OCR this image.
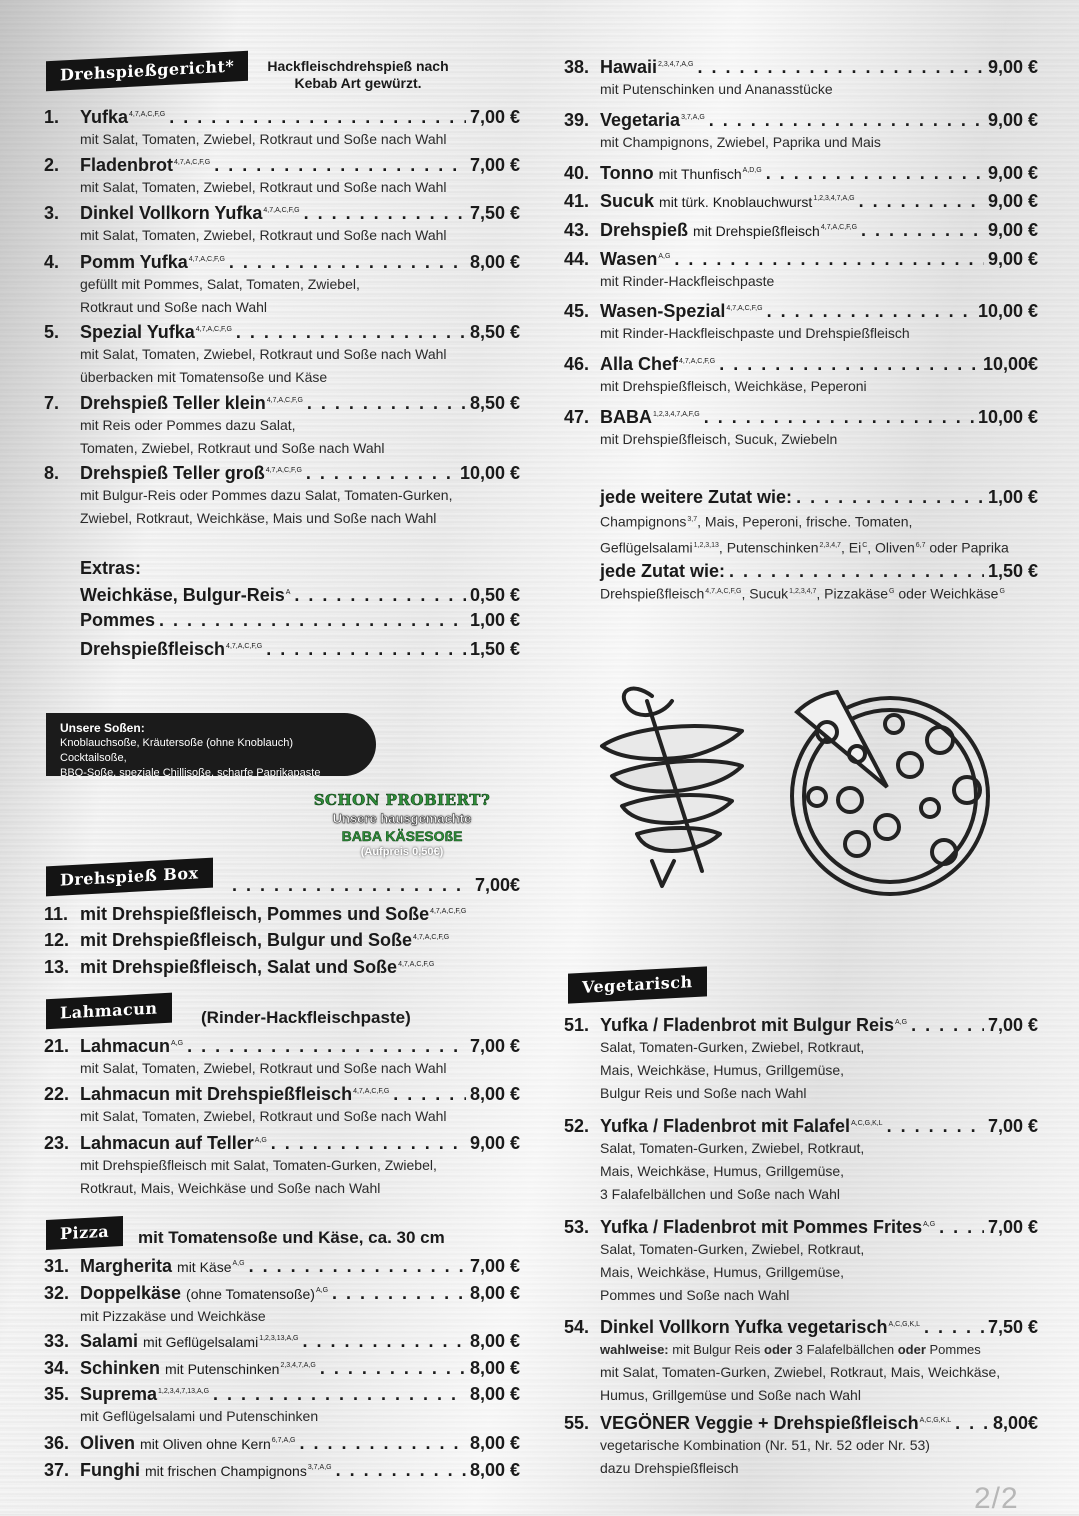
Drehspießgericht*	Hackfleischdrehspieß nach Kebab Art gewürzt.
1.	Yufka$^{4,7,A,C,F,G}$ . . .	7,00 €
mit Salat, Tomaten, Zwiebel, Rotkraut und Soße nach Wahl
2.	Fladenbrot$^{4,7,A,C,F,G}$ . . .	7,00 €
mit Salat, Tomaten, Zwiebel, Rotkraut und Soße nach Wahl
3.	Dinkel Vollkorn Yufka$^{4,7,A,C,F,G}$ . . .	7,50 €
mit Salat, Tomaten, Zwiebel, Rotkraut und Soße nach Wahl
4.	Pomm Yufka$^{4,7,A,C,F,G}$ . . .	8,00 €
gefüllt mit Pommes, Salat, Tomaten, Zwiebel,
Rotkraut und Soße nach Wahl
5.	Spezial Yufka$^{4,7,A,C,F,G}$ . . .	8,50 €
mit Salat, Tomaten, Zwiebel, Rotkraut und Soße nach Wahl
überbacken mit Tomatensoße und Käse
7.	Drehspieß Teller klein$^{4,7,A,C,F,G}$ . . .	8,50 €
mit Reis oder Pommes dazu Salat,
Tomaten, Zwiebel, Rotkraut und Soße nach Wahl
8.	Drehspieß Teller groß$^{4,7,A,C,F,G}$ . . .	10,00 €
mit Bulgur-Reis oder Pommes dazu Salat, Tomaten-Gurken,
Zwiebel, Rotkraut, Weichkäse, Mais und Soße nach Wahl
Extras:
Weichkäse, Bulgur-Reis$^A$ . . .	0,50 €
Pommes . . .	1,00 €
Drehspießfleisch$^{4,7,A,C,F,G}$ . . .	1,50 €
Unsere Soßen:
Knoblauchsoße, Kräutersoße (ohne Knoblauch) Cocktailsoße,
BBQ-Soße, speziale Chillisoße, scharfe Paprikapaste
SCHON PROBIERT?
Unsere hausgemachte
BABA KÄSESOßE
(Aufpreis 0,50€)
Drehspieß Box . . .	7,00€
11. mit Drehspießfleisch, Pommes und Soße$^{4,7,A,C,F,G}$
12. mit Drehspießfleisch, Bulgur und Soße$^{4,7,A,C,F,G}$
13. mit Drehspießfleisch, Salat und Soße$^{4,7,A,C,F,G}$
Lahmacun	(Rinder-Hackfleischpaste)
21. Lahmacun$^{A,G}$ . . .	7,00 €
mit Salat, Tomaten, Zwiebel, Rotkraut und Soße nach Wahl
22. Lahmacun mit Drehspießfleisch$^{4,7,A,C,F,G}$ . . .	8,00 €
mit Salat, Tomaten, Zwiebel, Rotkraut und Soße nach Wahl
23. Lahmacun auf Teller$^{A,G}$ . . .	9,00 €
mit Drehspießfleisch mit Salat, Tomaten-Gurken, Zwiebel,
Rotkraut, Mais, Weichkäse und Soße nach Wahl
Pizza	mit Tomatensoße und Käse, ca. 30 cm
31. Margherita mit Käse$^{A,G}$ . . .	7,00 €
32. Doppelkäse (ohne Tomatensoße)$^{A,G}$ . . .	8,00 €
mit Pizzakäse und Weichkäse
33. Salami mit Geflügelsalami$^{1,2,3,13,A,G}$ . . .	8,00 €
34. Schinken mit Putenschinken$^{2,3,4,7,A,G}$ . . .	8,00 €
35. Suprema$^{1,2,3,4,7,13,A,G}$ . . .	8,00 €
mit Geflügelsalami und Putenschinken
36. Oliven mit Oliven ohne Kern$^{6,7,A,G}$ . . .	8,00 €
37. Funghi mit frischen Champignons$^{3,7,A,G}$ . . .	8,00 €
38. Hawaii$^{2,3,4,7,A,G}$ . . .	9,00 €
mit Putenschinken und Ananasstücke
39. Vegetaria$^{3,7,A,G}$ . . .	9,00 €
mit Champignons, Zwiebel, Paprika und Mais
40. Tonno mit Thunfisch$^{A,D,G}$ . . .	9,00 €
41. Sucuk mit türk. Knoblauchwurst$^{1,2,3,4,7,A,G}$ . . .	9,00 €
43. Drehspieß mit Drehspießfleisch$^{4,7,A,C,F,G}$ . . .	9,00 €
44. Wasen$^{A,G}$ . . .	9,00 €
mit Rinder-Hackfleischpaste
45. Wasen-Spezial$^{4,7,A,C,F,G}$ . . .	10,00 €
mit Rinder-Hackfleischpaste und Drehspießfleisch
46. Alla Chef$^{4,7,A,C,F,G}$ . . .	10,00€
mit Drehspießfleisch, Weichkäse, Peperoni
47. $BABA^{1,2,3,4,7,A,F,G}$ . . .	10,00 €
mit Drehspießfleisch, Sucuk, Zwiebeln
jede weitere Zutat wie: . . .	1,00 €
Champignons$^{3,7}$, Mais, Peperoni, frische. Tomaten,
Geflügelsalami$^{1,2,3,13}$, Putenschinken$^{2,3,4,7}$, $Ei^C$, Oliven$^{6,7}$ oder Paprika
jede Zutat wie: . . .	1,50 €
Drehspießfleisch$^{4,7,A,C,F,G}$, Sucuk$^{1,2,3,4,7}$, Pizzakäse$^G$ oder Weichkäse$^G$
Vegetarisch
51. Yufka / Fladenbrot mit Bulgur Reis$^{A,G}$ . . .	7,00 €
Salat, Tomaten-Gurken, Zwiebel, Rotkraut,
Mais, Weichkäse, Humus, Grillgemüse,
Bulgur Reis und Soße nach Wahl
52. Yufka / Fladenbrot mit Falafel$^{A,C,G,K,L}$ . . .	7,00 €
Salat, Tomaten-Gurken, Zwiebel, Rotkraut,
Mais, Weichkäse, Humus, Grillgemüse,
3 Falafelbällchen und Soße nach Wahl
53. Yufka / Fladenbrot mit Pommes Frites$^{A,G}$ . . .	7,00 €
Salat, Tomaten-Gurken, Zwiebel, Rotkraut,
Mais, Weichkäse, Humus, Grillgemüse,
Pommes und Soße nach Wahl
54. Dinkel Vollkorn Yufka vegetarisch$^{A,C,G,K,L}$ . . .	7,50 €
wahlweise: mit Bulgur Reis oder 3 Falafelbällchen oder Pommes
mit Salat, Tomaten-Gurken, Zwiebel, Rotkraut, Mais, Weichkäse,
Humus, Grillgemüse und Soße nach Wahl
55. VEGÖNER Veggie + Drehspießfleisch$^{A,C,G,K,L}$ . . . 8,00€
vegetarische Kombination (Nr. 51, Nr. 52 oder Nr. 53)
dazu Drehspießfleisch
2/2
